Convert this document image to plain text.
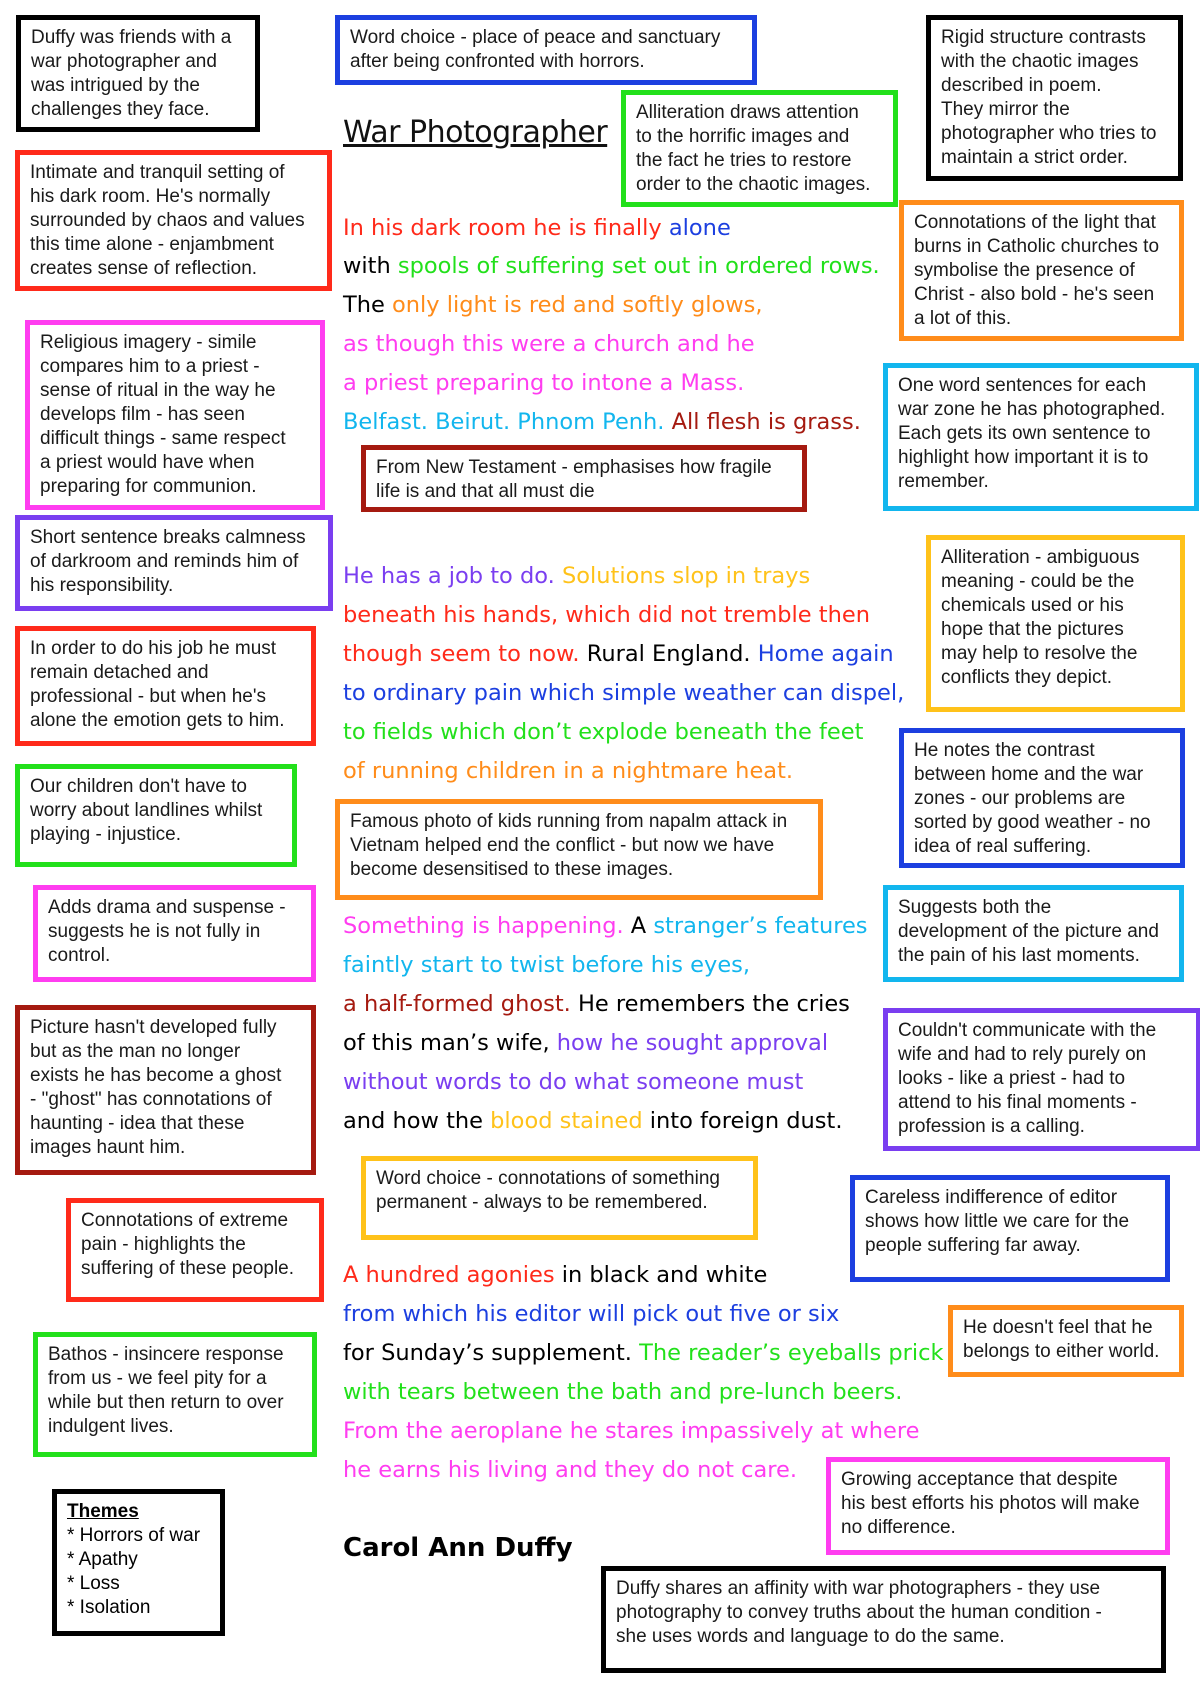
War Photographer
Carol Ann Duffy
Duffy was friends with a
war photographer and
was intrigued by the
challenges they face.
Word choice - place of peace and sanctuary
after being confronted with horrors.
Rigid structure contrasts
with the chaotic images
described in poem.
They mirror the
photographer who tries to
maintain a strict order.
Alliteration draws attention
to the horrific images and
the fact he tries to restore
order to the chaotic images.
Intimate and tranquil setting of
his dark room. He's normally
surrounded by chaos and values
this time alone - enjambment
creates sense of reflection.
Connotations of the light that
burns in Catholic churches to
symbolise the presence of
Christ - also bold - he's seen
a lot of this.
Religious imagery - simile
compares him to a priest -
sense of ritual in the way he
develops film - has seen
difficult things - same respect
a priest would have when
preparing for communion.
One word sentences for each
war zone he has photographed.
Each gets its own sentence to
highlight how important it is to
remember.
From New Testament - emphasises how fragile
life is and that all must die
Short sentence breaks calmness
of darkroom and reminds him of
his responsibility.
Alliteration - ambiguous
meaning - could be the
chemicals used or his
hope that the pictures
may help to resolve the
conflicts they depict.
In order to do his job he must
remain detached and
professional - but when he's
alone the emotion gets to him.
He notes the contrast
between home and the war
zones - our problems are
sorted by good weather - no
idea of real suffering.
Our children don't have to
worry about landlines whilst
playing - injustice.
Famous photo of kids running from napalm attack in
Vietnam helped end the conflict - but now we have
become desensitised to these images.
Suggests both the
development of the picture and
the pain of his last moments.
Adds drama and suspense -
suggests he is not fully in
control.
Picture hasn't developed fully
but as the man no longer
exists he has become a ghost
- "ghost" has connotations of
haunting - idea that these
images haunt him.
Couldn't communicate with the
wife and had to rely purely on
looks - like a priest - had to
attend to his final moments -
profession is a calling.
Word choice - connotations of something
permanent - always to be remembered.	Careless indifference of editor
shows how little we care for the
people suffering far away.
Connotations of extreme
pain - highlights the
suffering of these people.
He doesn't feel that he
belongs to either world.
Bathos - insincere response
from us - we feel pity for a
while but then return to over
indulgent lives.
Growing acceptance that despite
his best efforts his photos will make
no difference.
Duffy shares an affinity with war photographers - they use
photography to convey truths about the human condition -
she uses words and language to do the same.
Themes
* Horrors of war
* Apathy
* Loss
* Isolation
In his dark room he is finally alone
with spools of suffering set out in ordered rows.
The only light is red and softly glows,
as though this were a church and he
a priest preparing to intone a Mass.
Belfast. Beirut. Phnom Penh. All flesh is grass.
He has a job to do. Solutions slop in trays
beneath his hands, which did not tremble then
though seem to now. Rural England. Home again
to ordinary pain which simple weather can dispel,
to fields which don’t explode beneath the feet
of running children in a nightmare heat.
Something is happening. A stranger’s features
faintly start to twist before his eyes,
a half-formed ghost. He remembers the cries
of this man’s wife, how he sought approval
without words to do what someone must
and how the blood stained into foreign dust.
A hundred agonies in black and white
from which his editor will pick out five or six
for Sunday’s supplement. The reader’s eyeballs prick
with tears between the bath and pre-lunch beers.
From the aeroplane he stares impassively at where
he earns his living and they do not care.
